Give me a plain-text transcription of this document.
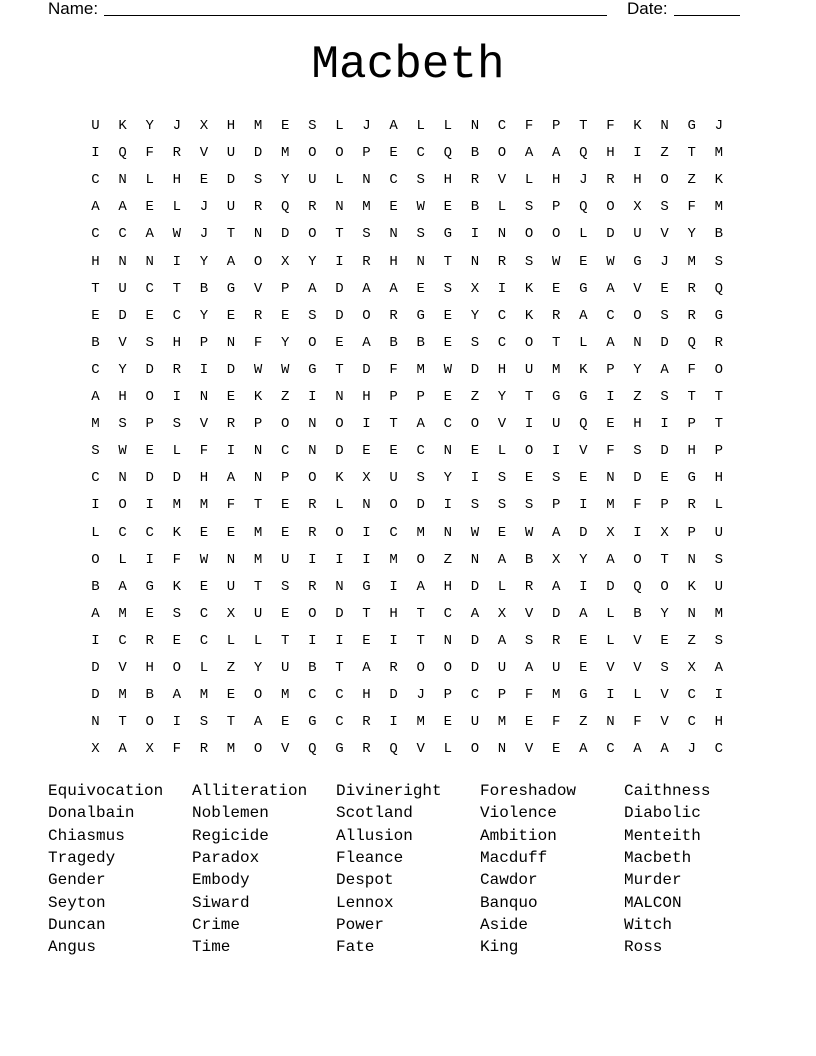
Name:	Date:
Macbeth
U	K	Y	J	X	H	M	E	S	L	J	A	L	L	N	C	F	P	T	F	K	N	G	J
I	Q	F	R	V	U	D	M	O	O	P	E	C	Q	B	O	A	A	Q	H	I	Z	T	M
C	N	L	H	E	D	S	Y	U	L	N	C	S	H	R	V	L	H	J	R	H	O	Z	K
A	A	E	L	J	U	R	Q	R	N	M	E	W	E	B	L	S	P	Q	O	X	S	F	M
C	C	A	W	J	T	N	D	O	T	S	N	S	G	I	N	O	O	L	D	U	V	Y	B
H	N	N	I	Y	A	O	X	Y	I	R	H	N	T	N	R	S	W	E	W	G	J	M	S
T	U	C	T	B	G	V	P	A	D	A	A	E	S	X	I	K	E	G	A	V	E	R	Q
E	D	E	C	Y	E	R	E	S	D	O	R	G	E	Y	C	K	R	A	C	O	S	R	G
B	V	S	H	P	N	F	Y	O	E	A	B	B	E	S	C	O	T	L	A	N	D	Q	R
C	Y	D	R	I	D	W	W	G	T	D	F	M	W	D	H	U	M	K	P	Y	A	F	O
A	H	O	I	N	E	K	Z	I	N	H	P	P	E	Z	Y	T	G	G	I	Z	S	T	T
M	S	P	S	V	R	P	O	N	O	I	T	A	C	O	V	I	U	Q	E	H	I	P	T
S	W	E	L	F	I	N	C	N	D	E	E	C	N	E	L	O	I	V	F	S	D	H	P
C	N	D	D	H	A	N	P	O	K	X	U	S	Y	I	S	E	S	E	N	D	E	G	H
I	O	I	M	M	F	T	E	R	L	N	O	D	I	S	S	S	P	I	M	F	P	R	L
L	C	C	K	E	E	M	E	R	O	I	C	M	N	W	E	W	A	D	X	I	X	P	U
O	L	I	F	W	N	M	U	I	I	I	M	O	Z	N	A	B	X	Y	A	O	T	N	S
B	A	G	K	E	U	T	S	R	N	G	I	A	H	D	L	R	A	I	D	Q	O	K	U
A	M	E	S	C	X	U	E	O	D	T	H	T	C	A	X	V	D	A	L	B	Y	N	M
I	C	R	E	C	L	L	T	I	I	E	I	T	N	D	A	S	R	E	L	V	E	Z	S
D	V	H	O	L	Z	Y	U	B	T	A	R	O	O	D	U	A	U	E	V	V	S	X	A
D	M	B	A	M	E	O	M	C	C	H	D	J	P	C	P	F	M	G	I	L	V	C	I
N	T	O	I	S	T	A	E	G	C	R	I	M	E	U	M	E	F	Z	N	F	V	C	H
X	A	X	F	R	M	O	V	Q	G	R	Q	V	L	O	N	V	E	A	C	A	A	J	C
Equivocation
Donalbain
Chiasmus
Tragedy
Gender
Seyton
Duncan
Angus
Alliteration
Noblemen
Regicide
Paradox
Embody
Siward
Crime
Time
Divineright
Scotland
Allusion
Fleance
Despot
Lennox
Power
Fate
Foreshadow
Violence
Ambition
Macduff
Cawdor
Banquo
Aside
King
Caithness
Diabolic
Menteith
Macbeth
Murder
MALCON
Witch
Ross
